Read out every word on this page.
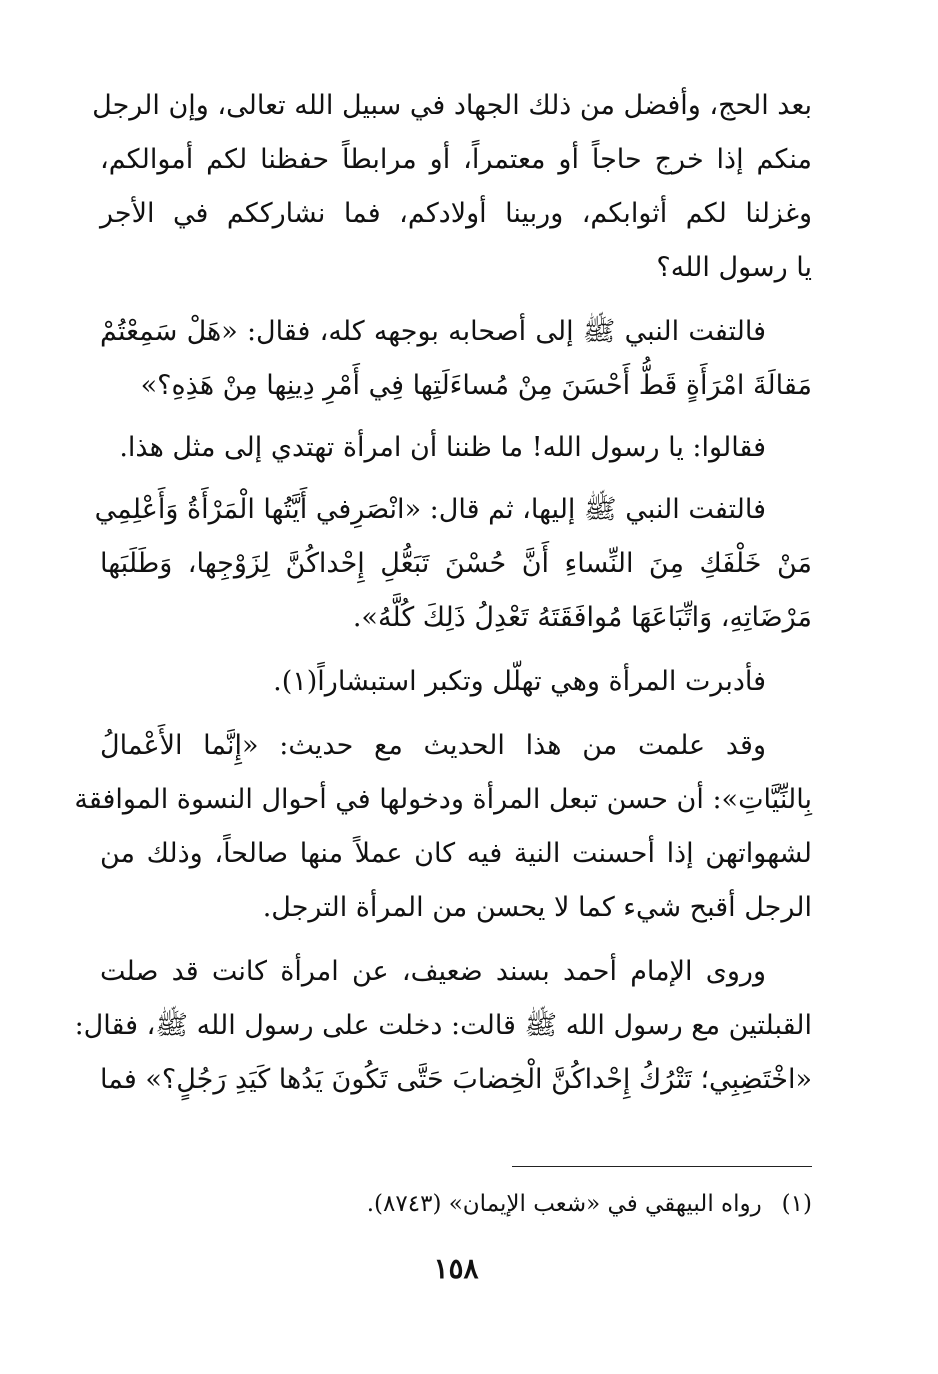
بعد الحج، وأفضل من ذلك الجهاد في سبيل الله تعالى، وإن الرجل
منكم إذا خرج حاجاً أو معتمراً، أو مرابطاً حفظنا لكم أموالكم،
وغزلنا لكم أثوابكم، وربينا أولادكم، فما نشارككم في الأجر
يا رسول الله؟
فالتفت النبي ﷺ إلى أصحابه بوجهه كله، فقال: «هَلْ سَمِعْتُمْ
مَقالَةَ امْرَأَةٍ قَطُّ أَحْسَنَ مِنْ مُساءَلَتِها فِي أَمْرِ دِينِها مِنْ هَذِهِ؟»
فقالوا: يا رسول الله! ما ظننا أن امرأة تهتدي إلى مثل هذا.
فالتفت النبي ﷺ إليها، ثم قال: «انْصَرِفي أَيَّتُها الْمَرْأَةُ وَأَعْلِمِي
مَنْ خَلْفَكِ مِنَ النِّساءِ أَنَّ حُسْنَ تَبَعُّلِ إِحْداكُنَّ لِزَوْجِها، وَطَلَبَها
مَرْضَاتِهِ، وَاتِّبَاعَهَا مُوافَقَتَهُ تَعْدِلُ ذَلِكَ كُلَّهُ».
فأدبرت المرأة وهي تهلّل وتكبر استبشاراً(١).
وقد علمت من هذا الحديث مع حديث: «إِنَّما الأَعْمالُ
بِالنِّيَّاتِ»: أن حسن تبعل المرأة ودخولها في أحوال النسوة الموافقة
لشهواتهن إذا أحسنت النية فيه كان عملاً منها صالحاً، وذلك من
الرجل أقبح شيء كما لا يحسن من المرأة الترجل.
وروى الإمام أحمد بسند ضعيف، عن امرأة كانت قد صلت
القبلتين مع رسول الله ﷺ قالت: دخلت على رسول الله ﷺ، فقال:
«اخْتَضِبِي؛ تَتْرُكُ إِحْداكُنَّ الْخِضابَ حَتَّى تَكُونَ يَدُها كَيَدِ رَجُلٍ؟» فما
(١)رواه البيهقي في «شعب الإيمان» (٨٧٤٣).
١٥٨
